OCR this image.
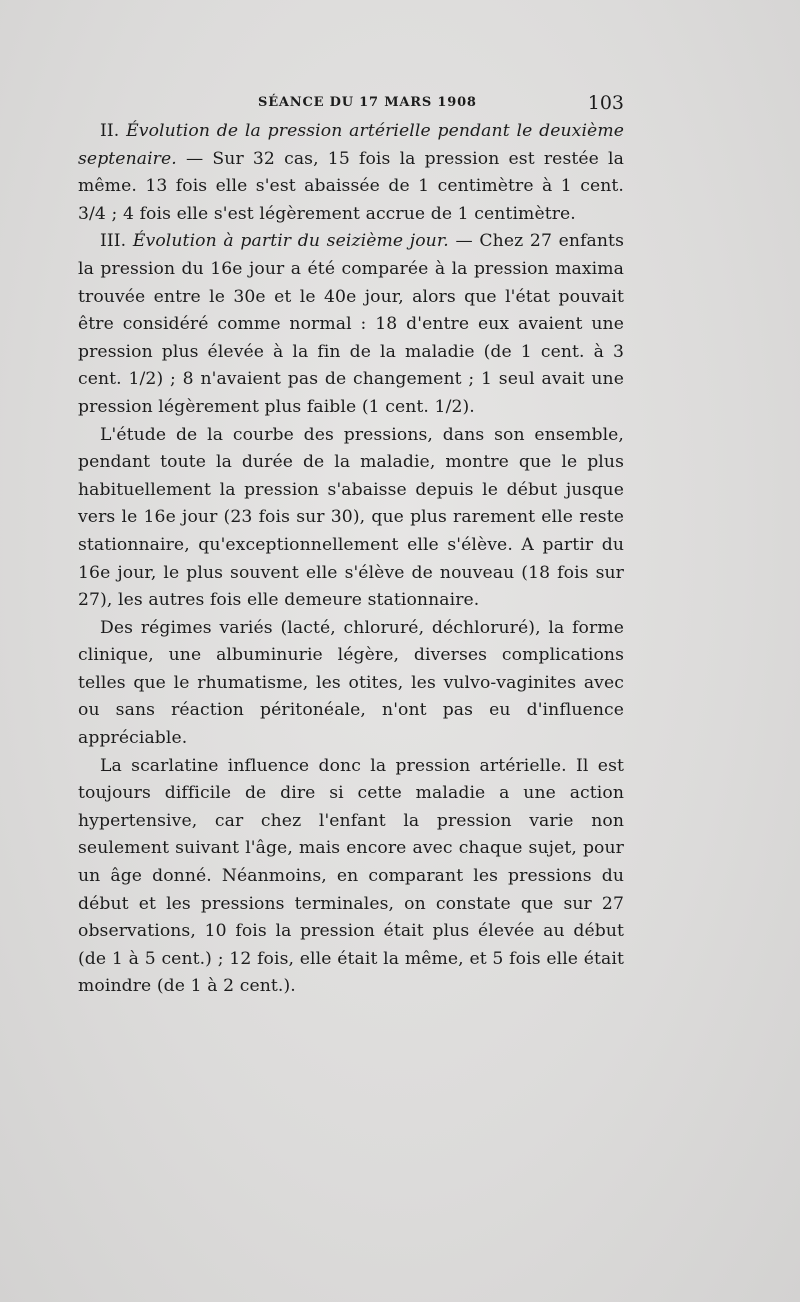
SÉANCE DU 17 MARS 1908	103

II. Évolution de la pression artérielle pendant le deuxième septenaire. — Sur 32 cas, 15 fois la pression est restée la même. 13 fois elle s'est abaissée de 1 centimètre à 1 cent. 3/4 ; 4 fois elle s'est légèrement accrue de 1 centimètre.

III. Évolution à partir du seizième jour. — Chez 27 enfants la pression du 16e jour a été comparée à la pression maxima trouvée entre le 30e et le 40e jour, alors que l'état pouvait être considéré comme normal : 18 d'entre eux avaient une pression plus élevée à la fin de la maladie (de 1 cent. à 3 cent. 1/2) ; 8 n'avaient pas de changement ; 1 seul avait une pression légèrement plus faible (1 cent. 1/2).

L'étude de la courbe des pressions, dans son ensemble, pendant toute la durée de la maladie, montre que le plus habituellement la pression s'abaisse depuis le début jusque vers le 16e jour (23 fois sur 30), que plus rarement elle reste stationnaire, qu'exceptionnellement elle s'élève. A partir du 16e jour, le plus souvent elle s'élève de nouveau (18 fois sur 27), les autres fois elle demeure stationnaire.

Des régimes variés (lacté, chloruré, déchloruré), la forme clinique, une albuminurie légère, diverses complications telles que le rhumatisme, les otites, les vulvo-vaginites avec ou sans réaction péritonéale, n'ont pas eu d'influence appréciable.

La scarlatine influence donc la pression artérielle. Il est toujours difficile de dire si cette maladie a une action hypertensive, car chez l'enfant la pression varie non seulement suivant l'âge, mais encore avec chaque sujet, pour un âge donné. Néanmoins, en comparant les pressions du début et les pressions terminales, on constate que sur 27 observations, 10 fois la pression était plus élevée au début (de 1 à 5 cent.) ; 12 fois, elle était la même, et 5 fois elle était moindre (de 1 à 2 cent.).
